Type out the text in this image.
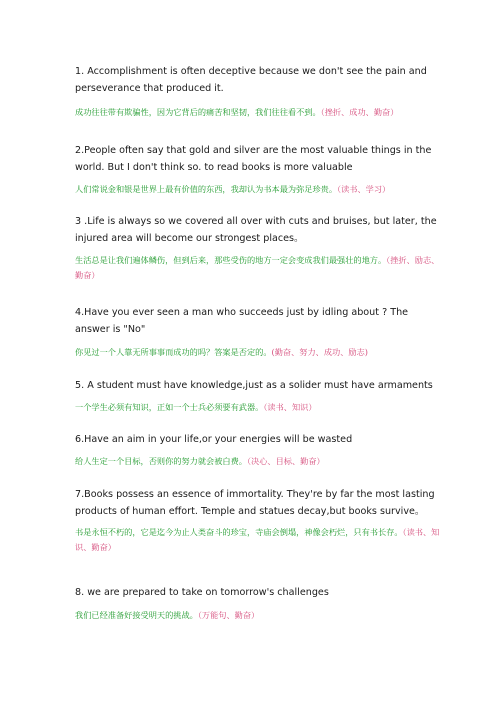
1. Accomplishment is often deceptive because we don't see the pain and perseverance that produced it.

成功往往带有欺骗性，因为它背后的痛苦和坚韧，我们往往看不到。（挫折、成功、勤奋）

2.People often say that gold and silver are the most valuable things in the world. But I don't think so. to read books is more valuable

人们常说金和银是世界上最有价值的东西，我却认为书本最为弥足珍贵。（读书、学习）

3 .Life is always so we covered all over with cuts and bruises, but later, the injured area will become our strongest places。

生活总是让我们遍体鳞伤，但到后来，那些受伤的地方一定会变成我们最强壮的地方。（挫折、励志、勤奋）

4.Have you ever seen a man who succeeds just by idling about ? The answer is "No"

你见过一个人靠无所事事而成功的吗？答案是否定的。(勤奋、努力、成功、励志)

5. A student must have knowledge,just as a solider must have armaments

一个学生必须有知识，正如一个士兵必须要有武器。（读书、知识）

6.Have an aim in your life,or your energies will be wasted

给人生定一个目标，否则你的努力就会被白费。（决心、目标、勤奋）

7.Books possess an essence of immortality. They're by far the most lasting products of human effort. Temple and statues decay,but books survive。

书是永恒不朽的，它是迄今为止人类奋斗的珍宝，寺庙会倒塌，神像会朽烂，只有书长存。（读书、知识、勤奋）

8. we are prepared to take on tomorrow's challenges

我们已经准备好接受明天的挑战。（万能句、勤奋）
